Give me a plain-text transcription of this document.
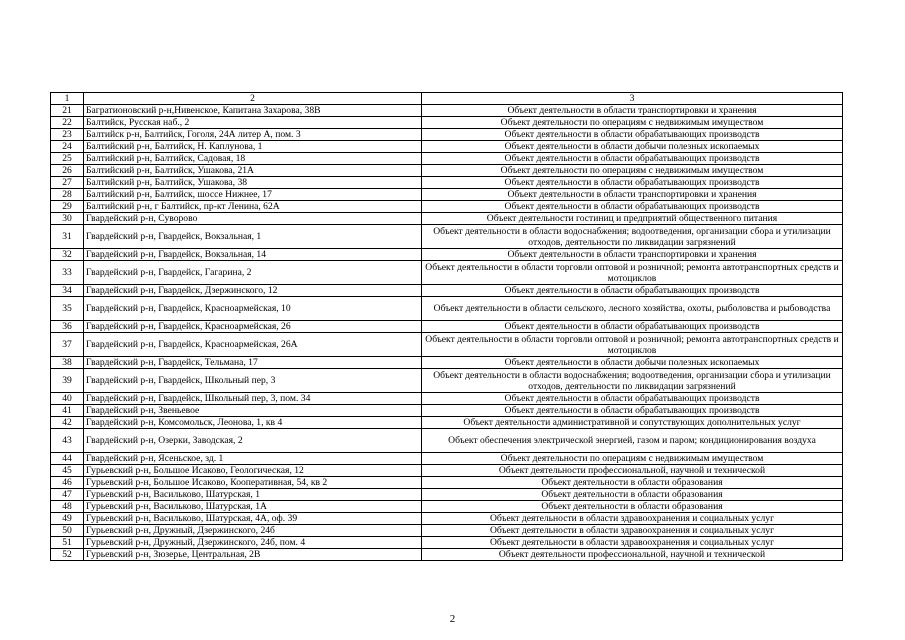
1	2	3
21	Багратионовский р-н,Нивенское, Капитана Захарова, 38В	Объект деятельности в области транспортировки и хранения
22	Балтийск, Русская наб., 2	Объект деятельности по операциям с недвижимым имуществом
23	Балтийск р-н, Балтийск, Гоголя, 24А литер А, пом. 3	Объект деятельности в области обрабатывающих производств
24	Балтийский р-н, Балтийск, Н. Каплунова, 1	Объект деятельности в области добычи полезных ископаемых
25	Балтийский р-н, Балтийск, Садовая, 18	Объект деятельности в области обрабатывающих производств
26	Балтийский р-н, Балтийск, Ушакова, 21А	Объект деятельности по операциям с недвижимым имуществом
27	Балтийский р-н, Балтийск, Ушакова, 38	Объект деятельности в области обрабатывающих производств
28	Балтийский р-н, Балтийск, шоссе Нижнее, 17	Объект деятельности в области транспортировки и хранения
29	Балтийский р-н, г Балтийск, пр-кт Ленина, 62А	Объект деятельности в области обрабатывающих производств
30	Гвардейский р-н, Суворово	Объект деятельности гостиниц и предприятий общественного питания
31	Гвардейский р-н, Гвардейск, Вокзальная, 1	Объект деятельности в области водоснабжения; водоотведения, организации сбора и утилизации отходов, деятельности по ликвидации загрязнений
32	Гвардейский р-н, Гвардейск, Вокзальная, 14	Объект деятельности в области транспортировки и хранения
33	Гвардейский р-н, Гвардейск, Гагарина, 2	Объект деятельности в области торговли оптовой и розничной; ремонта автотранспортных средств и мотоциклов
34	Гвардейский р-н, Гвардейск, Дзержинского, 12	Объект деятельности в области обрабатывающих производств
35	Гвардейский р-н, Гвардейск, Красноармейская, 10	Объект деятельности в области сельского, лесного хозяйства, охоты, рыболовства и рыбоводства
36	Гвардейский р-н, Гвардейск, Красноармейская, 26	Объект деятельности в области обрабатывающих производств
37	Гвардейский р-н, Гвардейск, Красноармейская, 26А	Объект деятельности в области торговли оптовой и розничной; ремонта автотранспортных средств и мотоциклов
38	Гвардейский р-н, Гвардейск, Тельмана, 17	Объект деятельности в области добычи полезных ископаемых
39	Гвардейский р-н, Гвардейск, Школьный пер, 3	Объект деятельности в области водоснабжения; водоотведения, организации сбора и утилизации отходов, деятельности по ликвидации загрязнений
40	Гвардейский р-н, Гвардейск, Школьный пер, 3, пом. 34	Объект деятельности в области обрабатывающих производств
41	Гвардейский р-н, Звеньевое	Объект деятельности в области обрабатывающих производств
42	Гвардейский р-н, Комсомольск, Леонова, 1, кв 4	Объект деятельности административной и сопутствующих дополнительных услуг
43	Гвардейский р-н, Озерки, Заводская, 2	Объект обеспечения электрической энергией, газом и паром; кондиционирования воздуха
44	Гвардейский р-н, Ясеньское, зд. 1	Объект деятельности по операциям с недвижимым имуществом
45	Гурьевский р-н, Большое Исаково, Геологическая, 12	Объект деятельности профессиональной, научной и технической
46	Гурьевский р-н, Большое Исаково, Кооперативная, 54, кв 2	Объект деятельности в области образования
47	Гурьевский р-н, Васильково, Шатурская, 1	Объект деятельности в области образования
48	Гурьевский р-н, Васильково, Шатурская, 1А	Объект деятельности в области образования
49	Гурьевский р-н, Васильково, Шатурская, 4А, оф. 39	Объект деятельности в области здравоохранения и социальных услуг
50	Гурьевский р-н, Дружный, Дзержинского, 24б	Объект деятельности в области здравоохранения и социальных услуг
51	Гурьевский р-н, Дружный, Дзержинского, 24б, пом. 4	Объект деятельности в области здравоохранения и социальных услуг
52	Гурьевский р-н, Зюзерье, Центральная, 2В	Объект деятельности профессиональной, научной и технической
2
